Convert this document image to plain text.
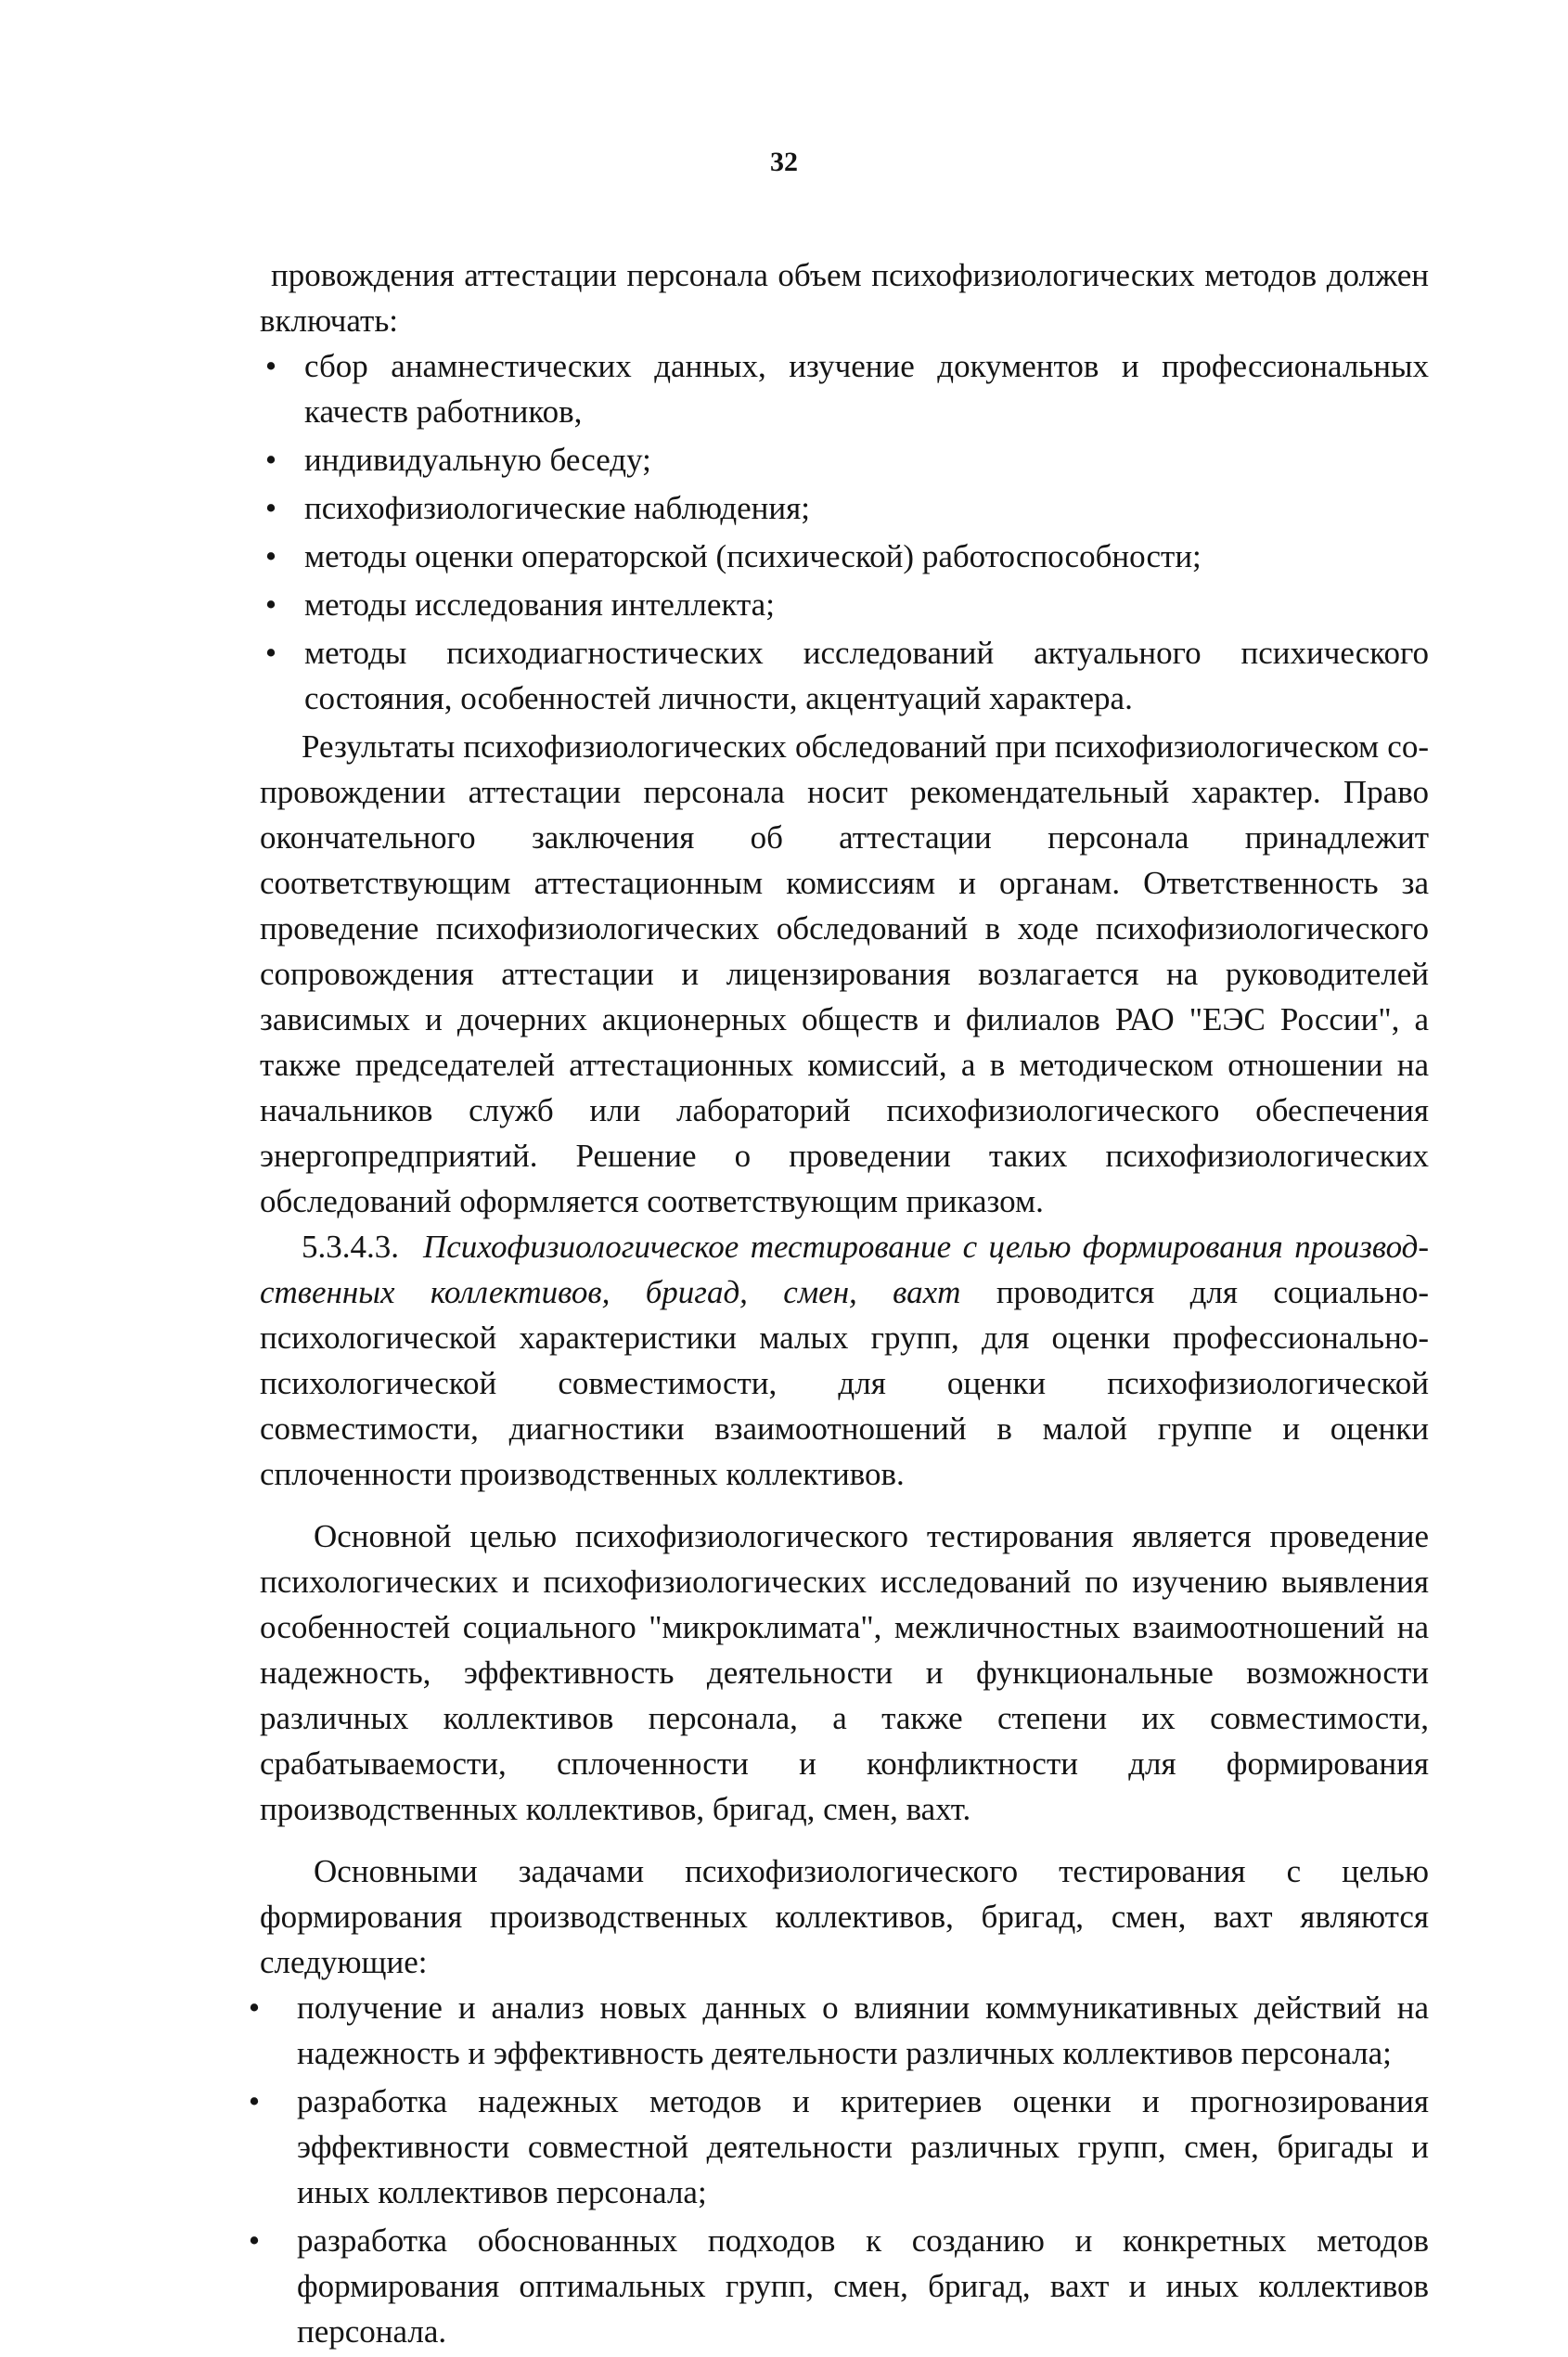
32

провождения аттестации персонала объем психофизиологических методов должен включать:

• сбор анамнестических данных, изучение документов и профессиональных качеств работников,
• индивидуальную беседу;
• психофизиологические наблюдения;
• методы оценки операторской (психической) работоспособности;
• методы исследования интеллекта;
• методы психодиагностических исследований актуального психического состояния, особенностей личности, акцентуаций характера.

Результаты психофизиологических обследований при психофизиологическом сопровождении аттестации персонала носит рекомендательный характер. Право окончательного заключения об аттестации персонала принадлежит соответствующим аттестационным комиссиям и органам. Ответственность за проведение психофизиологических обследований в ходе психофизиологического сопровождения аттестации и лицензирования возлагается на руководителей зависимых и дочерних акционерных обществ и филиалов РАО "ЕЭС России", а также председателей аттестационных комиссий, а в методическом отношении на начальников служб или лабораторий психофизиологического обеспечения энергопредприятий. Решение о проведении таких психофизиологических обследований оформляется соответствующим приказом.

5.3.4.3. Психофизиологическое тестирование с целью формирования производственных коллективов, бригад, смен, вахт проводится для социально-психологической характеристики малых групп, для оценки профессионально-психологической совместимости, для оценки психофизиологической совместимости, диагностики взаимоотношений в малой группе и оценки сплоченности производственных коллективов.

Основной целью психофизиологического тестирования является проведение психологических и психофизиологических исследований по изучению выявления особенностей социального "микроклимата", межличностных взаимоотношений на надежность, эффективность деятельности и функциональные возможности различных коллективов персонала, а также степени их совместимости, срабатываемости, сплоченности и конфликтности для формирования производственных коллективов, бригад, смен, вахт.

Основными задачами психофизиологического тестирования с целью формирования производственных коллективов, бригад, смен, вахт являются следующие:

• получение и анализ новых данных о влиянии коммуникативных действий на надежность и эффективность деятельности различных коллективов персонала;
• разработка надежных методов и критериев оценки и прогнозирования эффективности совместной деятельности различных групп, смен, бригады и иных коллективов персонала;
• разработка обоснованных подходов к созданию и конкретных методов формирования оптимальных групп, смен, бригад, вахт и иных коллективов персонала.
